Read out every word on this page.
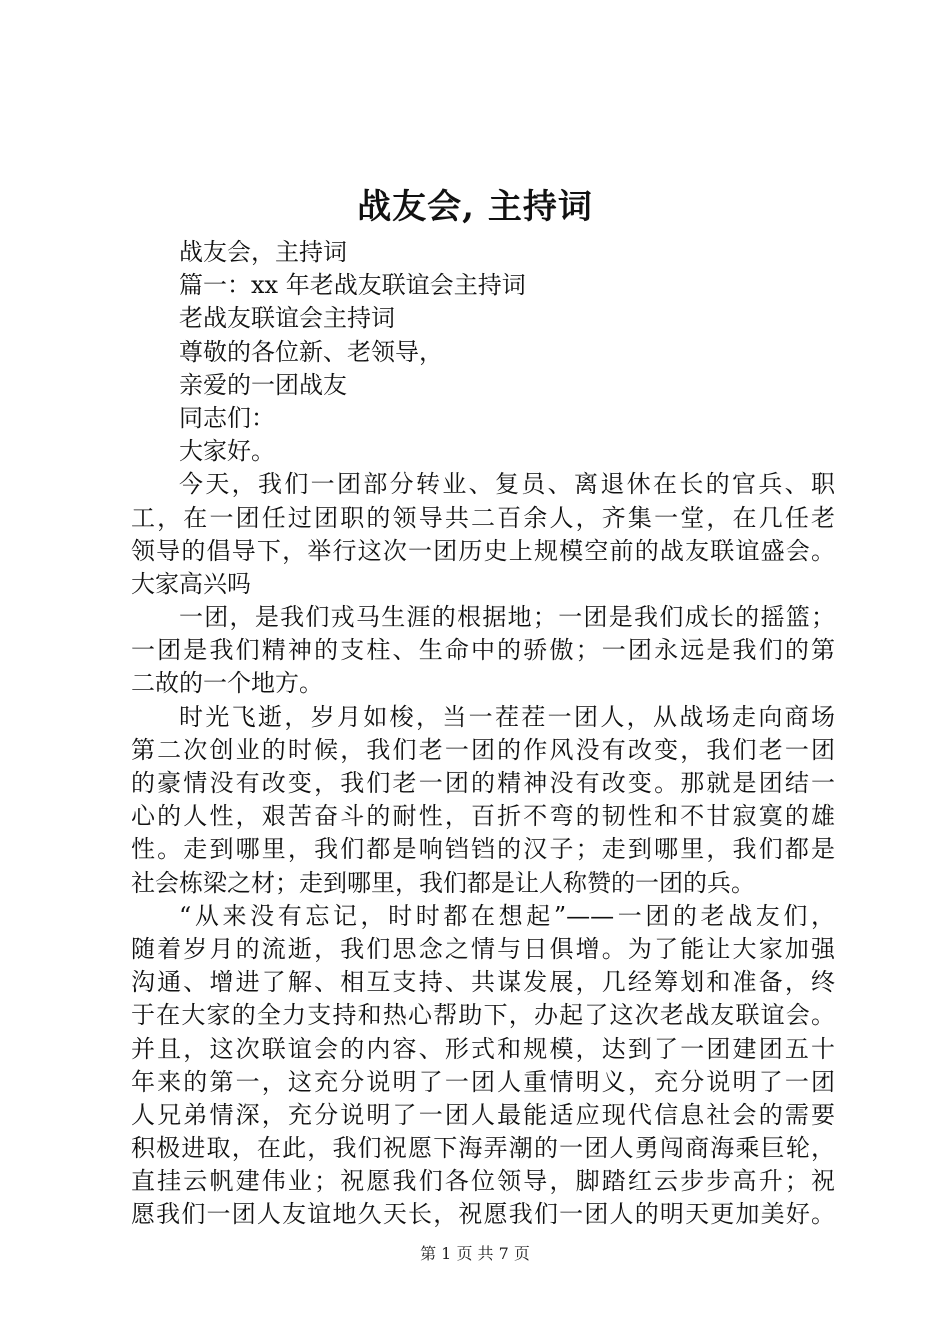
战友会, 主持词

战友会，主持词

篇一：xx 年老战友联谊会主持词

老战友联谊会主持词

尊敬的各位新、老领导，

亲爱的一团战友

同志们：

大家好。

今天，我们一团部分转业、复员、离退休在长的官兵、职

工，在一团任过团职的领导共二百余人，齐集一堂，在几任老

领导的倡导下，举行这次一团历史上规模空前的战友联谊盛会。

大家高兴吗

一团，是我们戎马生涯的根据地；一团是我们成长的摇篮；

一团是我们精神的支柱、生命中的骄傲；一团永远是我们的第

二故的一个地方。

时光飞逝，岁月如梭，当一茬茬一团人，从战场走向商场

第二次创业的时候，我们老一团的作风没有改变，我们老一团

的豪情没有改变，我们老一团的精神没有改变。那就是团结一

心的人性，艰苦奋斗的耐性，百折不弯的韧性和不甘寂寞的雄

性。走到哪里，我们都是响铛铛的汉子；走到哪里，我们都是

社会栋梁之材；走到哪里，我们都是让人称赞的一团的兵。

“从来没有忘记，时时都在想起”——一团的老战友们，

随着岁月的流逝，我们思念之情与日俱增。为了能让大家加强

沟通、增进了解、相互支持、共谋发展，几经筹划和准备，终

于在大家的全力支持和热心帮助下，办起了这次老战友联谊会。

并且，这次联谊会的内容、形式和规模，达到了一团建团五十

年来的第一，这充分说明了一团人重情明义，充分说明了一团

人兄弟情深，充分说明了一团人最能适应现代信息社会的需要

积极进取，在此，我们祝愿下海弄潮的一团人勇闯商海乘巨轮，

直挂云帆建伟业；祝愿我们各位领导，脚踏红云步步高升；祝

愿我们一团人友谊地久天长，祝愿我们一团人的明天更加美好。

第 1 页 共 7 页
